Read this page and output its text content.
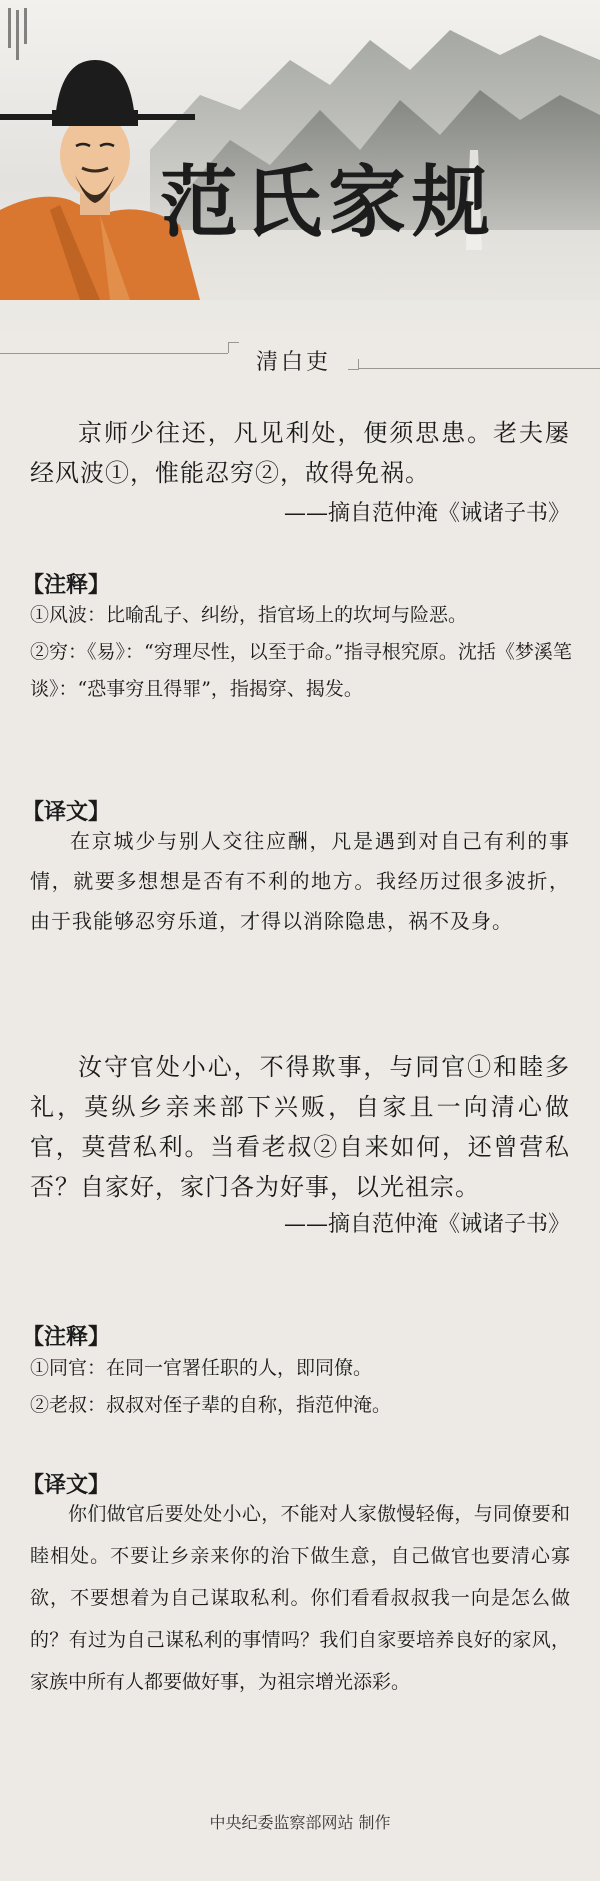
范氏家规
清白吏

京师少往还，凡见利处，便须思患。老夫屡经风波①，惟能忍穷②，故得免祸。

——摘自范仲淹《诫诸子书》
【注释】

①风波：比喻乱子、纠纷，指官场上的坎坷与险恶。

②穷：《易》：“穷理尽性，以至于命。”指寻根究原。沈括《梦溪笔谈》：“恐事穷且得罪”，指揭穿、揭发。

【译文】

在京城少与别人交往应酬，凡是遇到对自己有利的事情，就要多想想是否有不利的地方。我经历过很多波折，由于我能够忍穷乐道，才得以消除隐患，祸不及身。

汝守官处小心，不得欺事，与同官①和睦多礼，莫纵乡亲来部下兴贩，自家且一向清心做官，莫营私利。当看老叔②自来如何，还曾营私否？自家好，家门各为好事，以光祖宗。

——摘自范仲淹《诫诸子书》
【注释】

①同官：在同一官署任职的人，即同僚。

②老叔：叔叔对侄子辈的自称，指范仲淹。

【译文】

你们做官后要处处小心，不能对人家傲慢轻侮，与同僚要和睦相处。不要让乡亲来你的治下做生意，自己做官也要清心寡欲，不要想着为自己谋取私利。你们看看叔叔我一向是怎么做的？有过为自己谋私利的事情吗？我们自家要培养良好的家风，家族中所有人都要做好事，为祖宗增光添彩。

中央纪委监察部网站 制作
